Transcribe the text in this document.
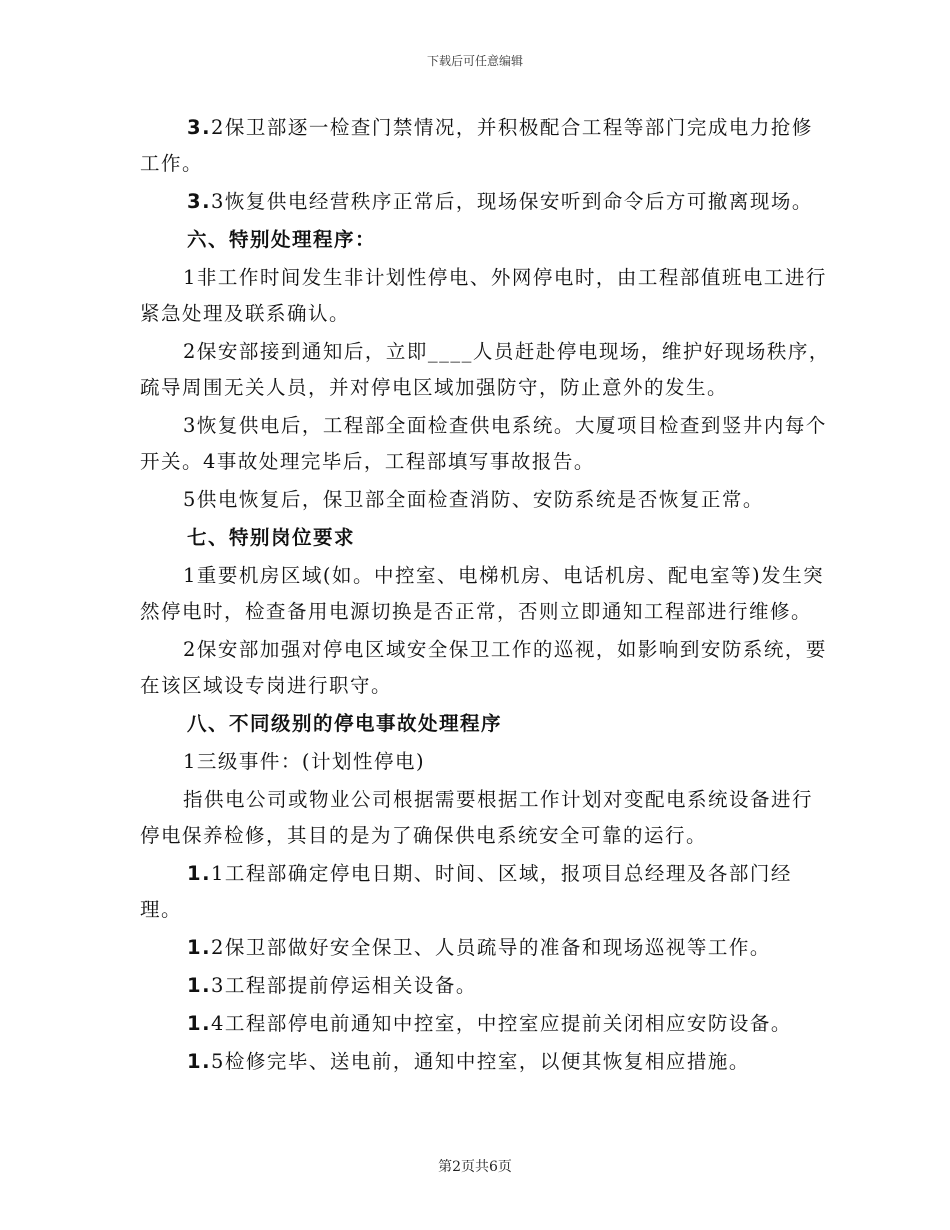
下载后可任意编辑

3.2保卫部逐一检查门禁情况，并积极配合工程等部门完成电力抢修工作。

3.3恢复供电经营秩序正常后，现场保安听到命令后方可撤离现场。

六、特别处理程序：

1非工作时间发生非计划性停电、外网停电时，由工程部值班电工进行紧急处理及联系确认。

2保安部接到通知后，立即____人员赶赴停电现场，维护好现场秩序，疏导周围无关人员，并对停电区域加强防守，防止意外的发生。

3恢复供电后，工程部全面检查供电系统。大厦项目检查到竖井内每个开关。4事故处理完毕后，工程部填写事故报告。

5供电恢复后，保卫部全面检查消防、安防系统是否恢复正常。

七、特别岗位要求

1重要机房区域(如。中控室、电梯机房、电话机房、配电室等)发生突然停电时，检查备用电源切换是否正常，否则立即通知工程部进行维修。

2保安部加强对停电区域安全保卫工作的巡视，如影响到安防系统，要在该区域设专岗进行职守。

八、不同级别的停电事故处理程序

1三级事件：(计划性停电)

指供电公司或物业公司根据需要根据工作计划对变配电系统设备进行停电保养检修，其目的是为了确保供电系统安全可靠的运行。

1.1工程部确定停电日期、时间、区域，报项目总经理及各部门经理。

1.2保卫部做好安全保卫、人员疏导的准备和现场巡视等工作。

1.3工程部提前停运相关设备。

1.4工程部停电前通知中控室，中控室应提前关闭相应安防设备。

1.5检修完毕、送电前，通知中控室，以便其恢复相应措施。

第2页共6页
